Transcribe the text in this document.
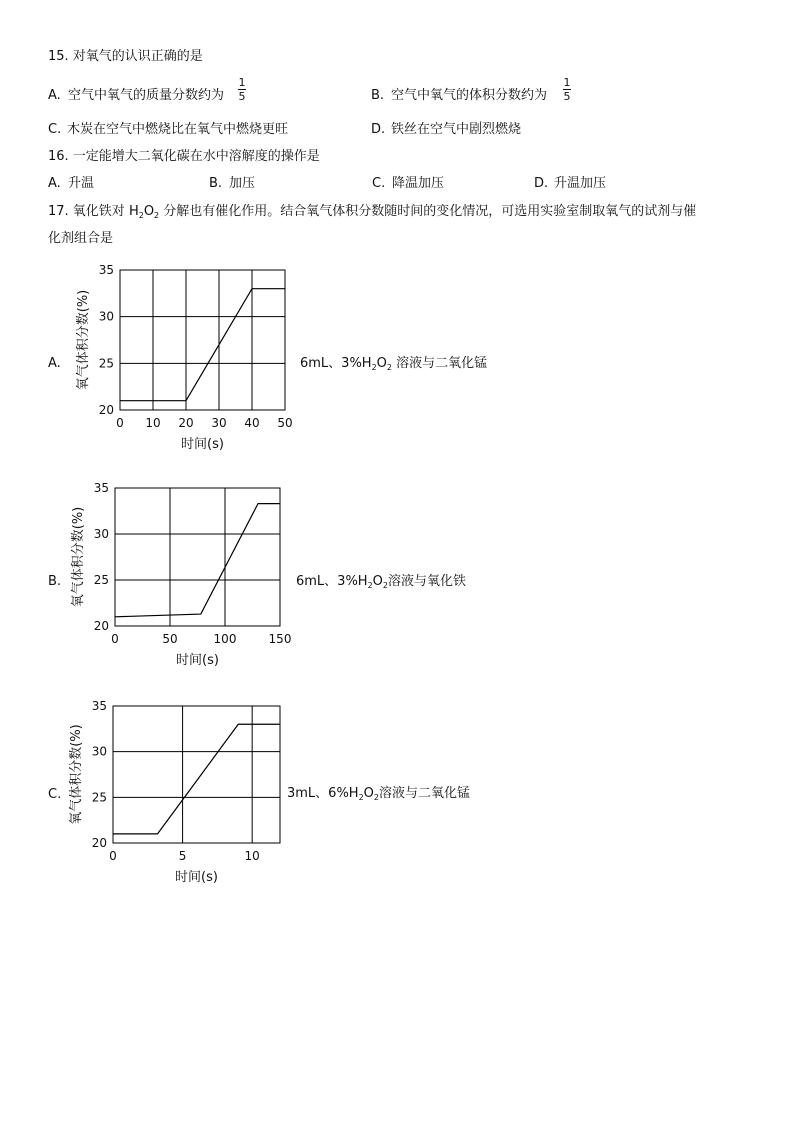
15. 对氧气的认识正确的是
A. 空气中氧气的质量分数约为
1
5	B. 空气中氧气的体积分数约为
1
5
C. 木炭在空气中燃烧比在氧气中燃烧更旺	D. 铁丝在空气中剧烈燃烧
16. 一定能增大二氧化碳在水中溶解度的操作是
A. 升温	B. 加压	C. 降温加压	D. 升温加压
17. 氧化铁对 $H_2O_2$ 分解也有催化作用。结合氧气体积分数随时间的变化情况，可选用实验室制取氧气的试剂与催
化剂组合是
A.
0 10 20 30 40 50
20
25
30
35
时间(s)
氧气体积分数(%)	6mL、$3\%H_2O_2$ 溶液与二氧化锰
B.
0	50	100	150
20
25
30
35
时间(s)
氧气体积分数(%)	6mL、$3\%H_2O_2$溶液与氧化铁
C.
0	5	10
20
25
30
35
时间(s)
氧气体积分数(%)	3mL、$6\%H_2O_2$溶液与二氧化锰
